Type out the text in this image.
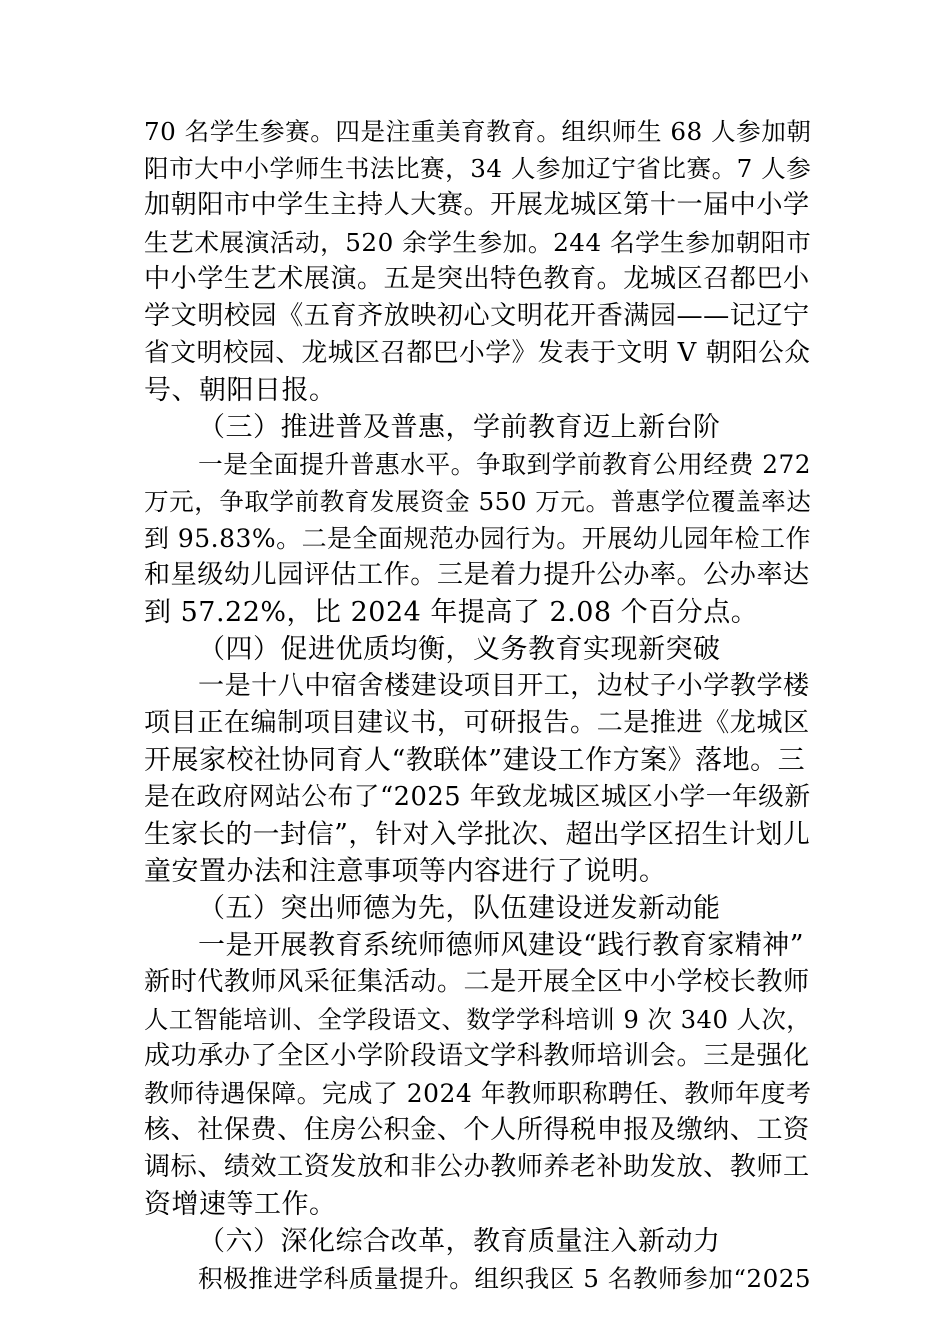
70 名学生参赛。四是注重美育教育。组织师生 68 人参加朝
阳市大中小学师生书法比赛，34 人参加辽宁省比赛。7 人参
加朝阳市中学生主持人大赛。开展龙城区第十一届中小学
生艺术展演活动，520 余学生参加。244 名学生参加朝阳市
中小学生艺术展演。五是突出特色教育。龙城区召都巴小
学文明校园《五育齐放映初心文明花开香满园——记辽宁
省文明校园、龙城区召都巴小学》发表于文明 V 朝阳公众
号、朝阳日报。
（三）推进普及普惠，学前教育迈上新台阶
一是全面提升普惠水平。争取到学前教育公用经费 272
万元，争取学前教育发展资金 550 万元。普惠学位覆盖率达
到 95.83%。二是全面规范办园行为。开展幼儿园年检工作
和星级幼儿园评估工作。三是着力提升公办率。公办率达
到 57.22%，比 2024 年提高了 2.08 个百分点。
（四）促进优质均衡，义务教育实现新突破
一是十八中宿舍楼建设项目开工，边杖子小学教学楼
项目正在编制项目建议书，可研报告。二是推进《龙城区
开展家校社协同育人“教联体”建设工作方案》落地。三
是在政府网站公布了“2025 年致龙城区城区小学一年级新
生家长的一封信”，针对入学批次、超出学区招生计划儿
童安置办法和注意事项等内容进行了说明。
（五）突出师德为先，队伍建设迸发新动能
一是开展教育系统师德师风建设“践行教育家精神”
新时代教师风采征集活动。二是开展全区中小学校长教师
人工智能培训、全学段语文、数学学科培训 9 次 340 人次，
成功承办了全区小学阶段语文学科教师培训会。三是强化
教师待遇保障。完成了 2024 年教师职称聘任、教师年度考
核、社保费、住房公积金、个人所得税申报及缴纳、工资
调标、绩效工资发放和非公办教师养老补助发放、教师工
资增速等工作。
（六）深化综合改革，教育质量注入新动力
积极推进学科质量提升。组织我区 5 名教师参加“2025
